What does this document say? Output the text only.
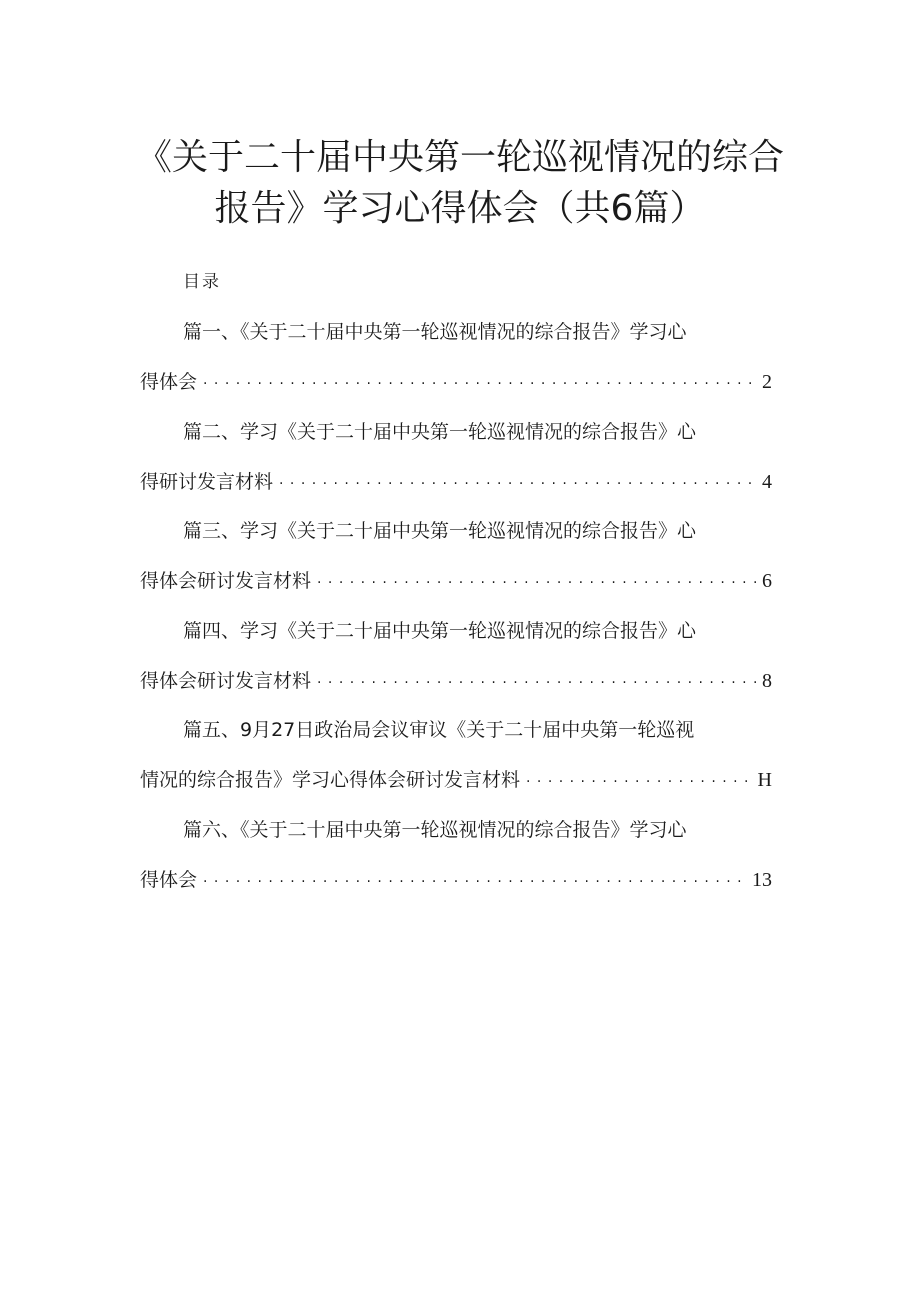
《关于二十届中央第一轮巡视情况的综合
报告》学习心得体会（共6篇）
目录
篇一、《关于二十届中央第一轮巡视情况的综合报告》学习心
得体会 . . .	2
篇二、学习《关于二十届中央第一轮巡视情况的综合报告》心
得研讨发言材料 . . .	4
篇三、学习《关于二十届中央第一轮巡视情况的综合报告》心
得体会研讨发言材料 . . .	6
篇四、学习《关于二十届中央第一轮巡视情况的综合报告》心
得体会研讨发言材料 . . .	8
篇五、9月27日政治局会议审议《关于二十届中央第一轮巡视
情况的综合报告》学习心得体会研讨发言材料 . . .	H
篇六、《关于二十届中央第一轮巡视情况的综合报告》学习心
得体会 . . .	13
